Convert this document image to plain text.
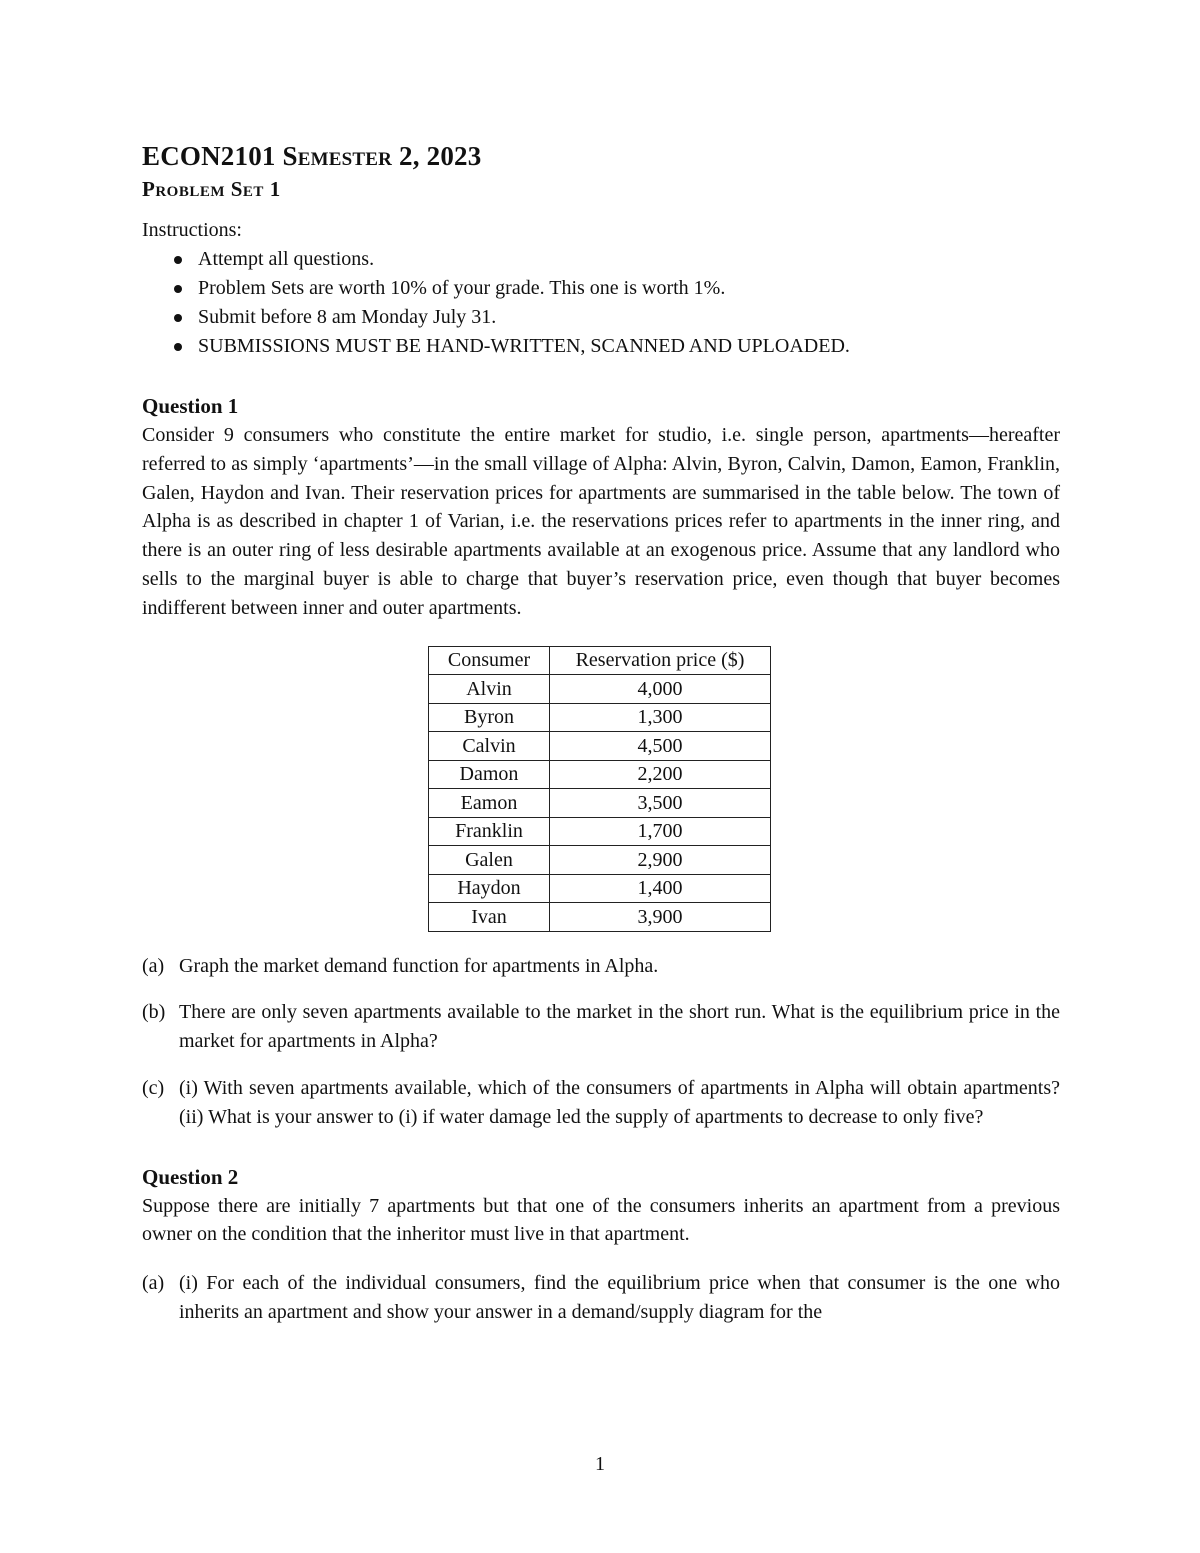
ECON2101 Semester 2, 2023
Problem Set 1

Instructions:

Attempt all questions.
Problem Sets are worth 10% of your grade. This one is worth 1%.
Submit before 8 am Monday July 31.
SUBMISSIONS MUST BE HAND-WRITTEN, SCANNED AND UPLOADED.
Question 1

Consider 9 consumers who constitute the entire market for studio, i.e. single person, apartments—hereafter referred to as simply ‘apartments’—in the small village of Alpha: Alvin, Byron, Calvin, Damon, Eamon, Franklin, Galen, Haydon and Ivan. Their reservation prices for apartments are summarised in the table below. The town of Alpha is as described in chapter 1 of Varian, i.e. the reservations prices refer to apartments in the inner ring, and there is an outer ring of less desirable apartments available at an exogenous price. Assume that any landlord who sells to the marginal buyer is able to charge that buyer’s reservation price, even though that buyer becomes indifferent between inner and outer apartments.

Consumer	Reservation price ($)
Alvin	4,000
Byron	1,300
Calvin	4,500
Damon	2,200
Eamon	3,500
Franklin	1,700
Galen	2,900
Haydon	1,400
Ivan	3,900
(a) Graph the market demand function for apartments in Alpha.
(b) There are only seven apartments available to the market in the short run. What is the equilibrium price in the market for apartments in Alpha?
(c) (i) With seven apartments available, which of the consumers of apartments in Alpha will obtain apartments? (ii) What is your answer to (i) if water damage led the supply of apartments to decrease to only five?
Question 2

Suppose there are initially 7 apartments but that one of the consumers inherits an apartment from a previous owner on the condition that the inheritor must live in that apartment.

(a) (i) For each of the individual consumers, find the equilibrium price when that consumer is the one who inherits an apartment and show your answer in a demand/supply diagram for the
1
